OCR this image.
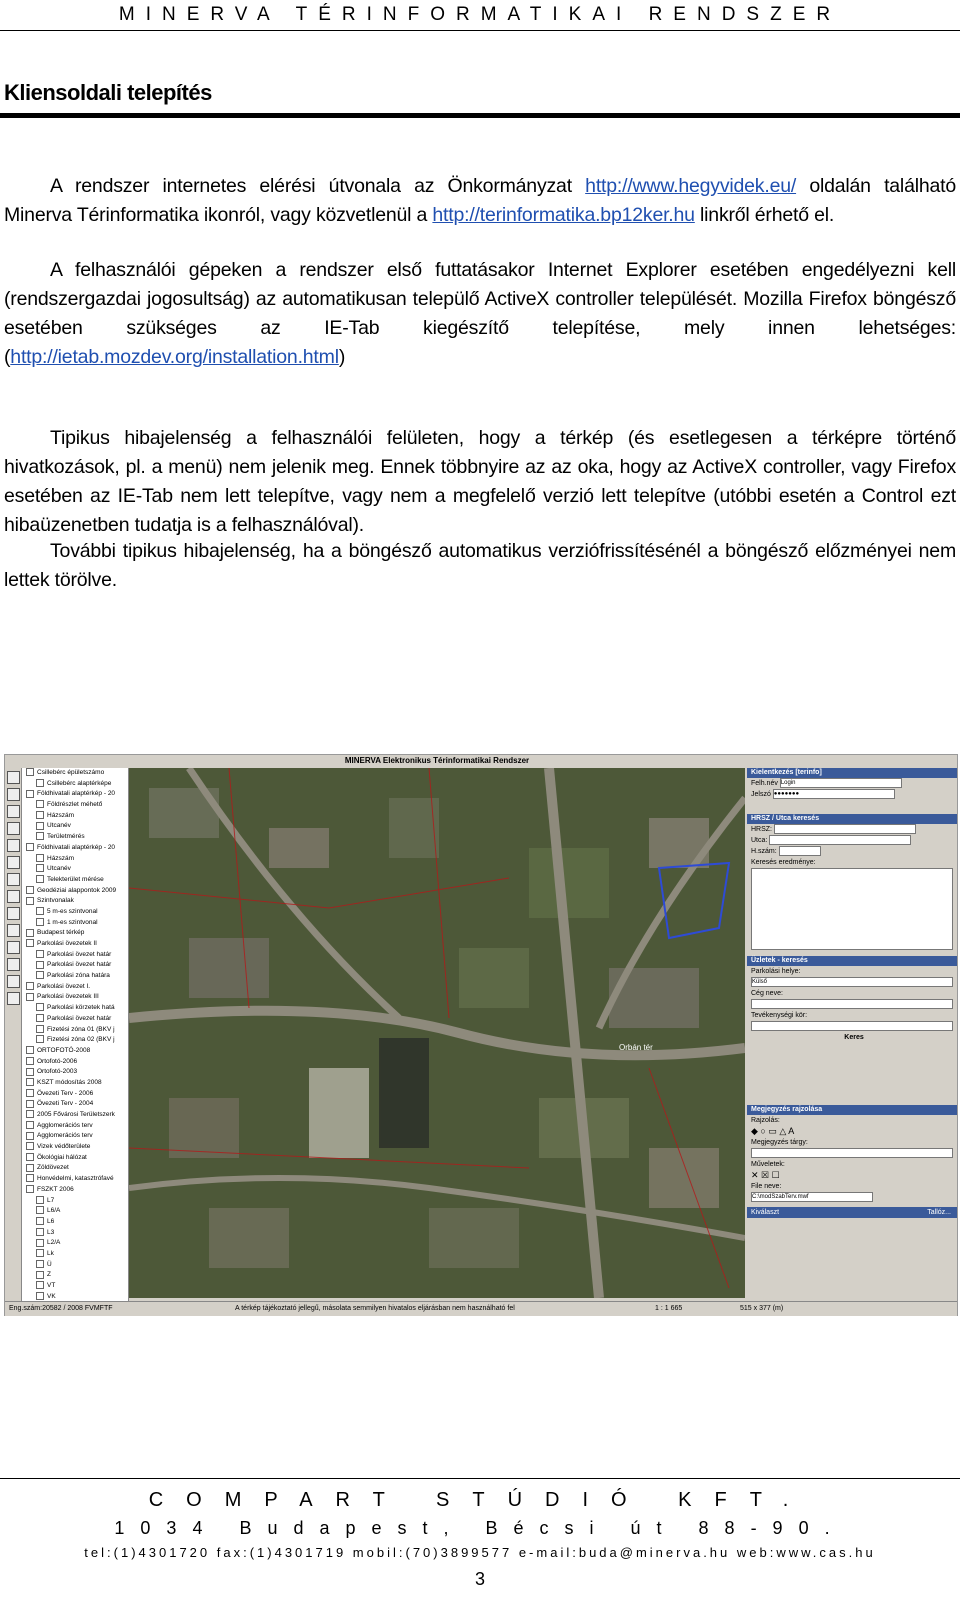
MINERVA TÉRINFORMATIKAI RENDSZER
Kliensoldali telepítés
A rendszer internetes elérési útvonala az Önkormányzat http://www.hegyvidek.eu/ oldalán található Minerva Térinformatika ikonról, vagy közvetlenül a http://terinformatika.bp12ker.hu linkről érhető el.
A felhasználói gépeken a rendszer első futtatásakor Internet Explorer esetében engedélyezni kell (rendszergazdai jogosultság) az automatikusan települő ActiveX controller települését. Mozilla Firefox böngésző esetében szükséges az IE-Tab kiegészítő telepítése, mely innen lehetséges: (http://ietab.mozdev.org/installation.html)
Tipikus hibajelenség a felhasználói felületen, hogy a térkép (és esetlegesen a térképre történő hivatkozások, pl. a menü) nem jelenik meg. Ennek többnyire az az oka, hogy az ActiveX controller, vagy Firefox esetében az IE-Tab nem lett telepítve, vagy nem a megfelelő verzió lett telepítve (utóbbi esetén a Control ezt hibaüzenetben tudatja is a felhasználóval).
További tipikus hibajelenség, ha a böngésző automatikus verziófrissítésénél a böngésző előzményei nem lettek törölve.
MINERVA Elektronikus Térinformatikai Rendszer
Csillebérc épületszámo
Csillebérc alaptérképe
Földhivatali alaptérkép - 20
Földrészlet méhető
Házszám
Utcanév
Területmérés
Földhivatali alaptérkép - 20
Házszám
Utcanév
Telekterület mérése
Geodéziai alappontok 2009
Szintvonalak
5 m-es szintvonal
1 m-es szintvonal
Budapest térkép
Parkolási övezetek II
Parkolási övezet határ
Parkolási övezet határ
Parkolási zóna határa
Parkolási övezet I.
Parkolási övezetek III
Parkolási körzetek hatá
Parkolási övezet határ
Fizetési zóna 01 (BKV j
Fizetési zóna 02 (BKV j
ORTOFOTÓ-2008
Ortofotó-2006
Ortofotó-2003
KSZT módosítás 2008
Övezeti Terv - 2006
Övezeti Terv - 2004
2005 Fővárosi Területszerk
Agglomerációs terv
Agglomerációs terv
Vizek védőterülete
Ökológiai hálózat
Zöldövezet
Honvédelmi, katasztrófavé
FSZKT 2006
L7
L6/A
L6
L3
L2/A
Lk
Ü
Z
VT
VK
Orbán tér
Kielentkezés [terinfo]
Felh.név Login
Jelszó ●●●●●●●
HRSZ / Utca keresés
HRSZ:
Utca:
H.szám:
Keresés eredménye:
Üzletek - keresés
Parkolási helye:
Külső
Cég neve:
Tevékenységi kör:
Keres
Megjegyzés rajzolása
Rajzolás:
◆ ○ ▭ △ A
Megjegyzés tárgy:
Műveletek:
✕ ☒ ☐
File neve:
C:\modSzabTerv.mwf
Kiválaszt	Tallóz...
Eng.szám:20582 / 2008 FVMFTF	A térkép tájékoztató jellegű, másolata semmilyen hivatalos eljárásban nem használható fel	1 : 1 665	515 x 377 (m)
COMPART STÚDIÓ KFT.
1034 Budapest, Bécsi út 88-90.
tel:(1)4301720 fax:(1)4301719 mobil:(70)3899577 e-mail:buda@minerva.hu web:www.cas.hu
3
